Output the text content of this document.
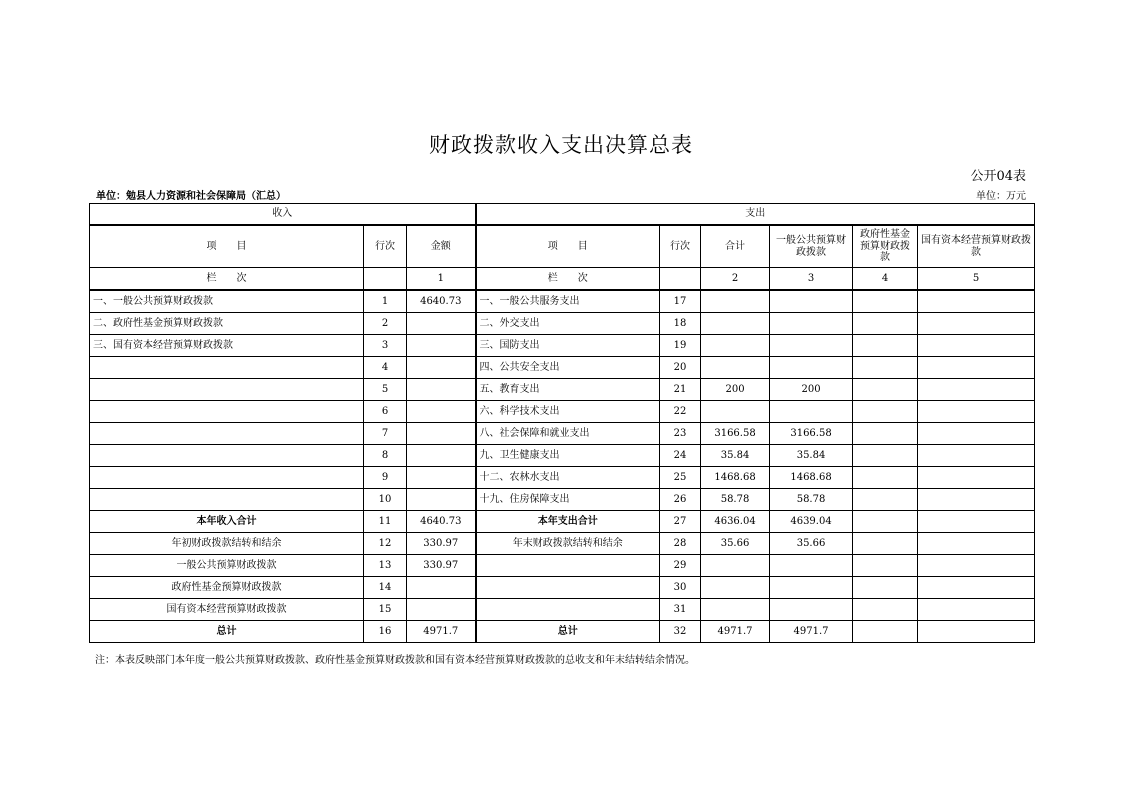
财政拨款收入支出决算总表
公开04表
单位：勉县人力资源和社会保障局（汇总）	单位：万元
收入			支出					
项　　目	行次	金额	项　　目	行次	合计	一般公共预算财政拨款	政府性基金预算财政拨款	国有资本经营预算财政拨款
栏　　次		1	栏　　次		2	3	4	5
一、一般公共预算财政拨款	1	4640.73	一、一般公共服务支出	17				
二、政府性基金预算财政拨款	2		二、外交支出	18				
三、国有资本经营预算财政拨款	3		三、国防支出	19				
	4		四、公共安全支出	20				
	5		五、教育支出	21	200	200		
	6		六、科学技术支出	22				
	7		八、社会保障和就业支出	23	3166.58	3166.58		
	8		九、卫生健康支出	24	35.84	35.84		
	9		十二、农林水支出	25	1468.68	1468.68		
	10		十九、住房保障支出	26	58.78	58.78		
本年收入合计	11	4640.73	本年支出合计	27	4636.04	4639.04		
年初财政拨款结转和结余	12	330.97	年末财政拨款结转和结余	28	35.66	35.66		
一般公共预算财政拨款	13	330.97		29				
政府性基金预算财政拨款	14			30				
国有资本经营预算财政拨款	15			31				
总计	16	4971.7	总计	32	4971.7	4971.7		
注：本表反映部门本年度一般公共预算财政拨款、政府性基金预算财政拨款和国有资本经营预算财政拨款的总收支和年末结转结余情况。
